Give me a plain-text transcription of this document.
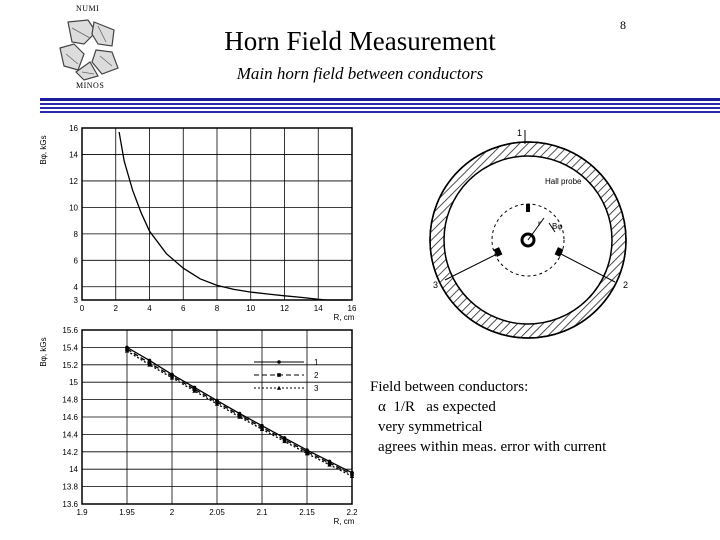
NUMI
MINOS
Horn Field Measurement
8
Main horn field between conductors
0	2	4	6	8	10	12	14	16
3
4
6
8
10
12
14
16
R, cm
Bφ, kGs
1.9	1.95	2	2.05	2.1	2.15	2.2
13.6
13.8
14
14.2
14.4
14.6
14.8
15
15.2
15.4
15.6
R, cm
Bφ, kGs	1
2
3
Hall probe
r Bφ
1
2
3
Field between conductors:
α  1/R   as expected
very symmetrical
agrees within meas. error with current
